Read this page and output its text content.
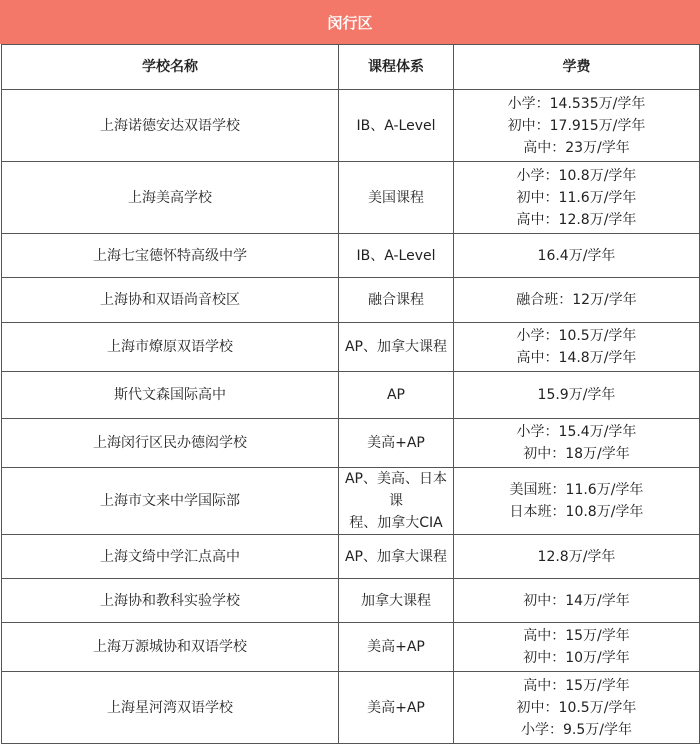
闵行区
学校名称	课程体系	学费
上海诺德安达双语学校	IB、A-Level	小学：14.535万/学年
初中：17.915万/学年
高中：23万/学年

上海美高学校	美国课程	小学：10.8万/学年
初中：11.6万/学年
高中：12.8万/学年

上海七宝德怀特高级中学	IB、A-Level	16.4万/学年

上海协和双语尚音校区	融合课程	融合班：12万/学年

上海市燎原双语学校	AP、加拿大课程	小学：10.5万/学年
高中：14.8万/学年

斯代文森国际高中	AP	15.9万/学年

上海闵行区民办德闳学校	美高+AP	小学：15.4万/学年
初中：18万/学年

上海市文来中学国际部	AP、美高、日本课
程、加拿大CIA	美国班：11.6万/学年
日本班：10.8万/学年

上海文绮中学汇点高中	AP、加拿大课程	12.8万/学年

上海协和教科实验学校	加拿大课程	初中：14万/学年

上海万源城协和双语学校	美高+AP	高中：15万/学年
初中：10万/学年

上海星河湾双语学校	美高+AP	高中：15万/学年
初中：10.5万/学年
小学：9.5万/学年
